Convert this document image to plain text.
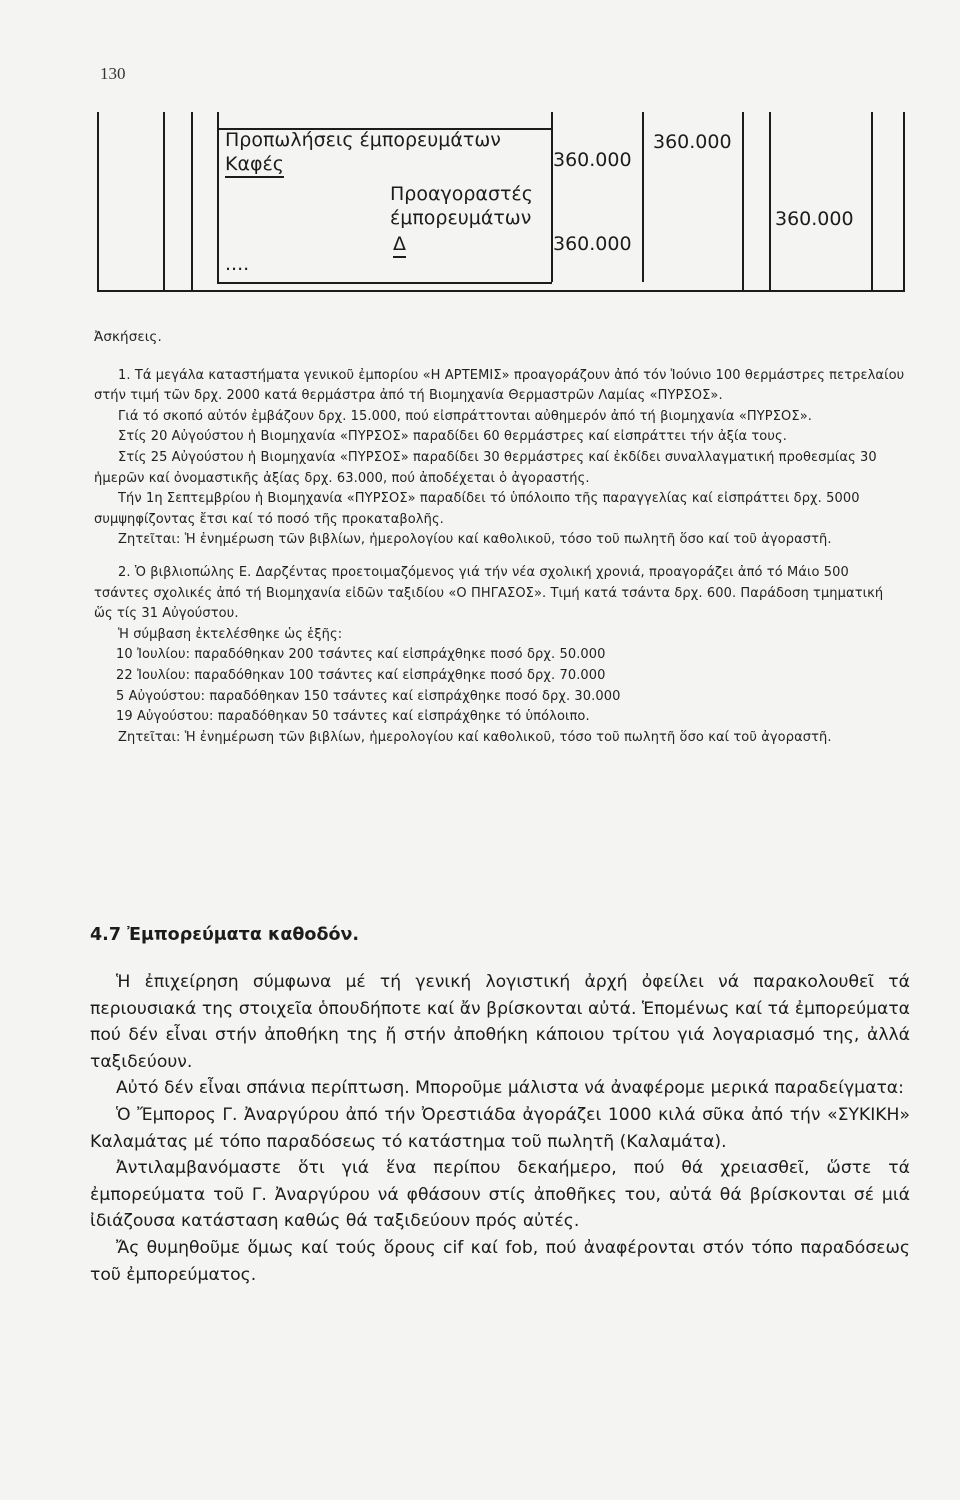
130
Προπωλήσεις έμπορευμάτων
Καφές	360.000
360.000
Προαγοραστές
έμπορευμάτων
Δ	360.000
360.000
....

Ἀσκήσεις.

1. Τά μεγάλα καταστήματα γενικοῦ ἐμπορίου «Η ΑΡΤΕΜΙΣ» προαγοράζουν ἀπό τόν Ἰούνιο 100 θερμάστρες πετρελαίου στήν τιμή τῶν δρχ. 2000 κατά θερμάστρα ἀπό τή Βιομηχανία Θερμαστρῶν Λαμίας «ΠΥΡΣΟΣ».

Γιά τό σκοπό αὐτόν ἐμβάζουν δρχ. 15.000, πού εἰσπράττονται αὐθημερόν ἀπό τή βιομηχανία «ΠΥΡΣΟΣ».

Στίς 20 Αὐγούστου ἡ Βιομηχανία «ΠΥΡΣΟΣ» παραδίδει 60 θερμάστρες καί εἰσπράττει τήν ἀξία τους.

Στίς 25 Αὐγούστου ἡ Βιομηχανία «ΠΥΡΣΟΣ» παραδίδει 30 θερμάστρες καί ἐκδίδει συναλλαγματική προθεσμίας 30 ἡμερῶν καί ὀνομαστικῆς ἀξίας δρχ. 63.000, πού ἀποδέχεται ὁ ἀγοραστής.

Τήν 1η Σεπτεμβρίου ἡ Βιομηχανία «ΠΥΡΣΟΣ» παραδίδει τό ὑπόλοιπο τῆς παραγγελίας καί εἰσπράττει δρχ. 5000 συμψηφίζοντας ἔτσι καί τό ποσό τῆς προκαταβολῆς.

Ζητεῖται: Ἡ ἐνημέρωση τῶν βιβλίων, ἡμερολογίου καί καθολικοῦ, τόσο τοῦ πωλητῆ ὅσο καί τοῦ ἀγοραστῆ.

2. Ὁ βιβλιοπώλης Ε. Δαρζέντας προετοιμαζόμενος γιά τήν νέα σχολική χρονιά, προαγοράζει ἀπό τό Μάιο 500 τσάντες σχολικές ἀπό τή Βιομηχανία εἰδῶν ταξιδίου «Ο ΠΗΓΑΣΟΣ». Τιμή κατά τσάντα δρχ. 600. Παράδοση τμηματική ὥς τίς 31 Αὐγούστου.

Ἡ σύμβαση ἐκτελέσθηκε ὡς ἑξῆς:

10 Ἰουλίου: παραδόθηκαν 200 τσάντες καί εἰσπράχθηκε ποσό δρχ. 50.000

22 Ἰουλίου: παραδόθηκαν 100 τσάντες καί εἰσπράχθηκε ποσό δρχ. 70.000

5 Αὐγούστου: παραδόθηκαν 150 τσάντες καί εἰσπράχθηκε ποσό δρχ. 30.000

19 Αὐγούστου: παραδόθηκαν 50 τσάντες καί εἰσπράχθηκε τό ὑπόλοιπο.

Ζητεῖται: Ἡ ἐνημέρωση τῶν βιβλίων, ἡμερολογίου καί καθολικοῦ, τόσο τοῦ πωλητῆ ὅσο καί τοῦ ἀγοραστῆ.

4.7 Ἐμπορεύματα καθοδόν.

Ἡ ἐπιχείρηση σύμφωνα μέ τή γενική λογιστική ἀρχή ὀφείλει νά παρακολουθεῖ τά περιουσιακά της στοιχεῖα ὁπουδήποτε καί ἄν βρίσκονται αὐτά. Ἑπομένως καί τά ἐμπορεύματα πού δέν εἶναι στήν ἀποθήκη της ἤ στήν ἀποθήκη κάποιου τρίτου γιά λογαριασμό της, ἀλλά ταξιδεύουν.

Αὐτό δέν εἶναι σπάνια περίπτωση. Μποροῦμε μάλιστα νά ἀναφέρομε μερικά παραδείγματα:

Ὁ Ἔμπορος Γ. Ἀναργύρου ἀπό τήν Ὀρεστιάδα ἀγοράζει 1000 κιλά σῦκα ἀπό τήν «ΣΥΚΙΚΗ» Καλαμάτας μέ τόπο παραδόσεως τό κατάστημα τοῦ πωλητῆ (Καλαμάτα).

Ἀντιλαμβανόμαστε ὅτι γιά ἕνα περίπου δεκαήμερο, πού θά χρειασθεῖ, ὥστε τά ἐμπορεύματα τοῦ Γ. Ἀναργύρου νά φθάσουν στίς ἀποθῆκες του, αὐτά θά βρίσκονται σέ μιά ἰδιάζουσα κατάσταση καθώς θά ταξιδεύουν πρός αὐτές.

Ἄς θυμηθοῦμε ὅμως καί τούς ὅρους cif καί fob, πού ἀναφέρονται στόν τόπο παραδόσεως τοῦ ἐμπορεύματος.
